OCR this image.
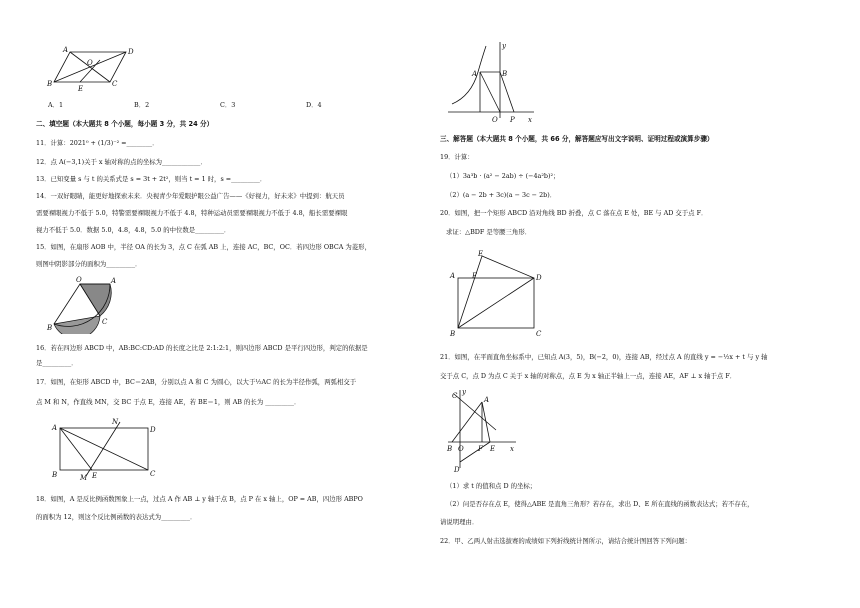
A	D
O
B
E
C
A．1	B．2	C．3	D．4
二、填空题（本大题共 8 个小题，每小题 3 分，共 24 分）
11．计算：2021⁰ + (1/3)⁻² =________．
12．点 A(−3,1)关于 x 轴对称的点的坐标为____________．
13．已知变量 s 与 t 的关系式是 s = 3t + 2t²，则当 t = 1 时，s =_________．
14．一双好眼睛，能更好地探索未来．央视青少年爱眼护眼公益广告——《好视力，好未来》中提到：航天员
需要裸眼视力不低于 5.0，特警需要裸眼视力不低于 4.8，特种运动员需要裸眼视力不低于 4.8，船长需要裸眼
视力不低于 5.0．数据 5.0，4.8，4.8，5.0 的中位数是_________．
15．如图，在扇形 AOB 中，半径 OA 的长为 3，点 C 在弧 AB 上，连接 AC，BC，OC．若四边形 OBCA 为菱形，
则图中阴影部分的面积为_________．
O	A
C
B
16．若在四边形 ABCD 中，AB:BC:CD:AD 的长度之比是 2:1:2:1，则四边形 ABCD 是平行四边形，判定的依据是
是_________．
17．如图，在矩形 ABCD 中，BC＝2AB，分别以点 A 和 C 为圆心，以大于½AC 的长为半径作弧，两弧相交于
点 M 和 N，作直线 MN，交 BC 于点 E，连接 AE，若 BE＝1，则 AB 的长为 _________．
A
N
D
B	M E	C
18．如图，A 是反比例函数图象上一点，过点 A 作 AB ⊥ y 轴于点 B，点 P 在 x 轴上，OP = AB，四边形 ABPO
的面积为 12，则这个反比例函数的表达式为_________．
y
A	B
O P x
三、解答题（本大题共 8 个小题，共 66 分，解答题应写出文字说明、证明过程或演算步骤）
19．计算：
（1）3a³b · (a² − 2ab) ÷ (−4a²b)²；
（2）(a − 2b + 3c)(a − 3c − 2b)．
20．如图，把一个矩形 ABCD 沿对角线 BD 折叠，点 C 落在点 E 处，BE 与 AD 交于点 F．
求证：△BDF 是等腰三角形．
E
A F	D
B	C
21．如图，在平面直角坐标系中，已知点 A(3，5)，B(−2，0)，连接 AB，经过点 A 的直线 y = −½x + t 与 y 轴
交于点 C，点 D 为点 C 关于 x 轴的对称点，点 E 为 x 轴正半轴上一点，连接 AE，AF ⊥ x 轴于点 F．
C y
A
B O F E x
D
（1）求 t 的值和点 D 的坐标；
（2）问是否存在点 E，使得△ABE 是直角三角形？若存在，求出 D、E 所在直线的函数表达式；若不存在，
请说明理由．
22．甲、乙两人射击选拔赛的成绩如下列折线统计图所示，请结合统计图回答下列问题：
